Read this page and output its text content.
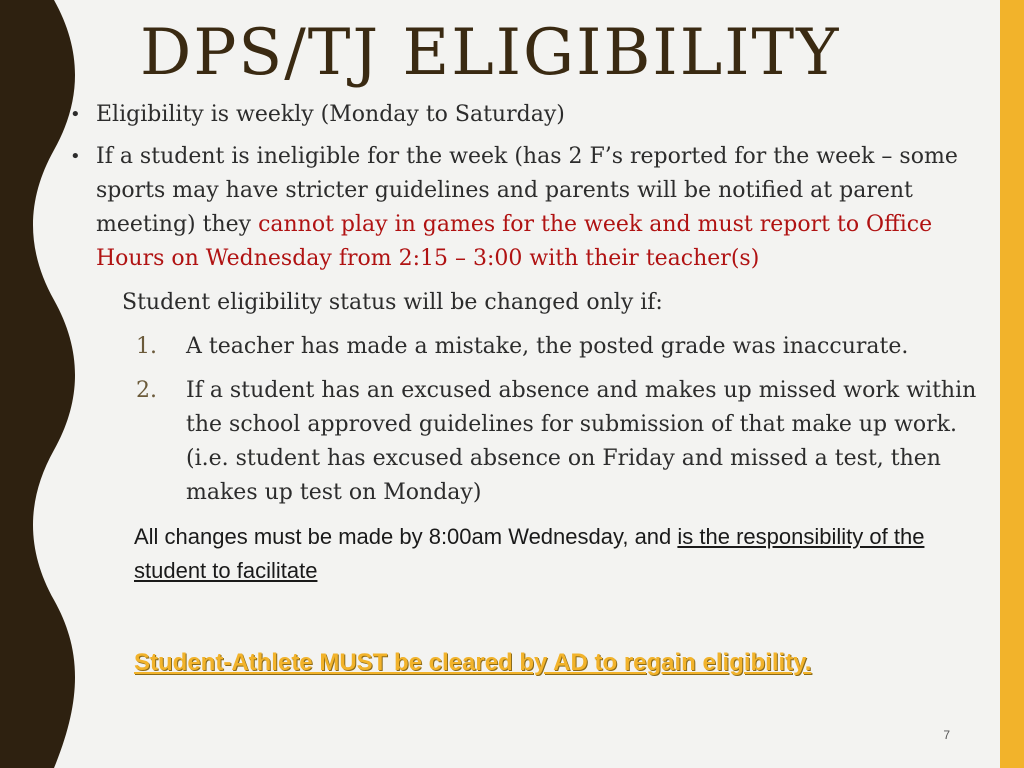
DPS/TJ ELIGIBILITY
• Eligibility is weekly (Monday to Saturday)
• If a student is ineligible for the week (has 2 F’s reported for the week – some sports may have stricter guidelines and parents will be notified at parent meeting) they cannot play in games for the week and must report to Office Hours on Wednesday from 2:15 – 3:00 with their teacher(s)
Student eligibility status will be changed only if:
1. A teacher has made a mistake, the posted grade was inaccurate.
2. If a student has an excused absence and makes up missed work within the school approved guidelines for submission of that make up work. (i.e. student has excused absence on Friday and missed a test, then makes up test on Monday)
All changes must be made by 8:00am Wednesday, and is the responsibility of the student to facilitate
Student-Athlete MUST be cleared by AD to regain eligibility.
7
